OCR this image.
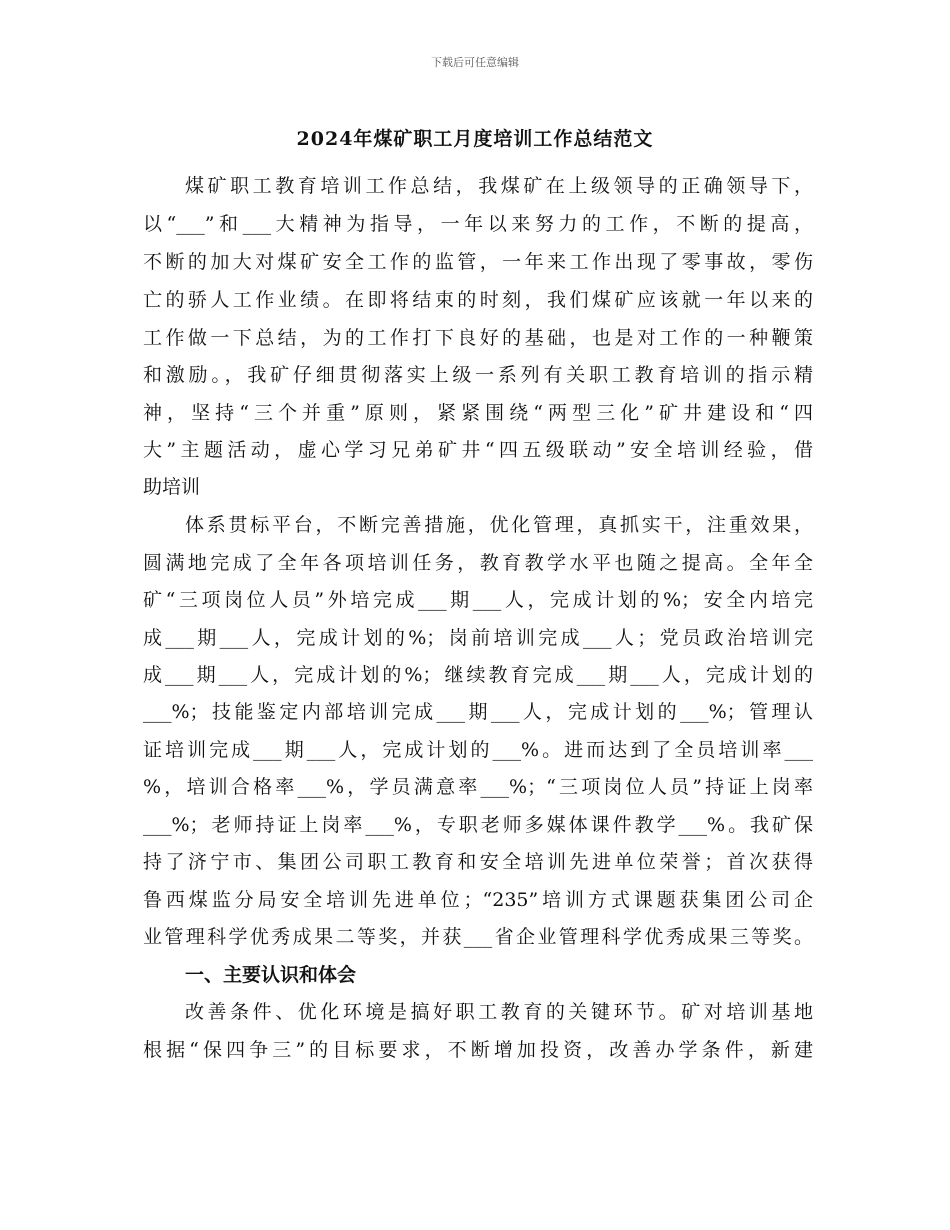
下载后可任意编辑
2024年煤矿职工月度培训工作总结范文
煤矿职工教育培训工作总结，我煤矿在上级领导的正确领导下，
以“___”和___大精神为指导，一年以来努力的工作，不断的提高，
不断的加大对煤矿安全工作的监管，一年来工作出现了零事故，零伤
亡的骄人工作业绩。在即将结束的时刻，我们煤矿应该就一年以来的
工作做一下总结，为的工作打下良好的基础，也是对工作的一种鞭策
和激励。，我矿仔细贯彻落实上级一系列有关职工教育培训的指示精
神，坚持“三个并重”原则，紧紧围绕“两型三化”矿井建设和“四
大”主题活动，虚心学习兄弟矿井“四五级联动”安全培训经验，借
助培训
体系贯标平台，不断完善措施，优化管理，真抓实干，注重效果，
圆满地完成了全年各项培训任务，教育教学水平也随之提高。全年全
矿“三项岗位人员”外培完成___期___人，完成计划的%；安全内培完
成___期___人，完成计划的%；岗前培训完成___人；党员政治培训完
成___期___人，完成计划的%；继续教育完成___期___人，完成计划的
___%；技能鉴定内部培训完成___期___人，完成计划的___%；管理认
证培训完成___期___人，完成计划的___%。进而达到了全员培训率___
%，培训合格率___%，学员满意率___%；“三项岗位人员”持证上岗率
___%；老师持证上岗率___%，专职老师多媒体课件教学___%。我矿保
持了济宁市、集团公司职工教育和安全培训先进单位荣誉；首次获得
鲁西煤监分局安全培训先进单位；“235”培训方式课题获集团公司企
业管理科学优秀成果二等奖，并获___省企业管理科学优秀成果三等奖。
一、主要认识和体会
改善条件、优化环境是搞好职工教育的关键环节。矿对培训基地
根据“保四争三”的目标要求，不断增加投资，改善办学条件，新建
